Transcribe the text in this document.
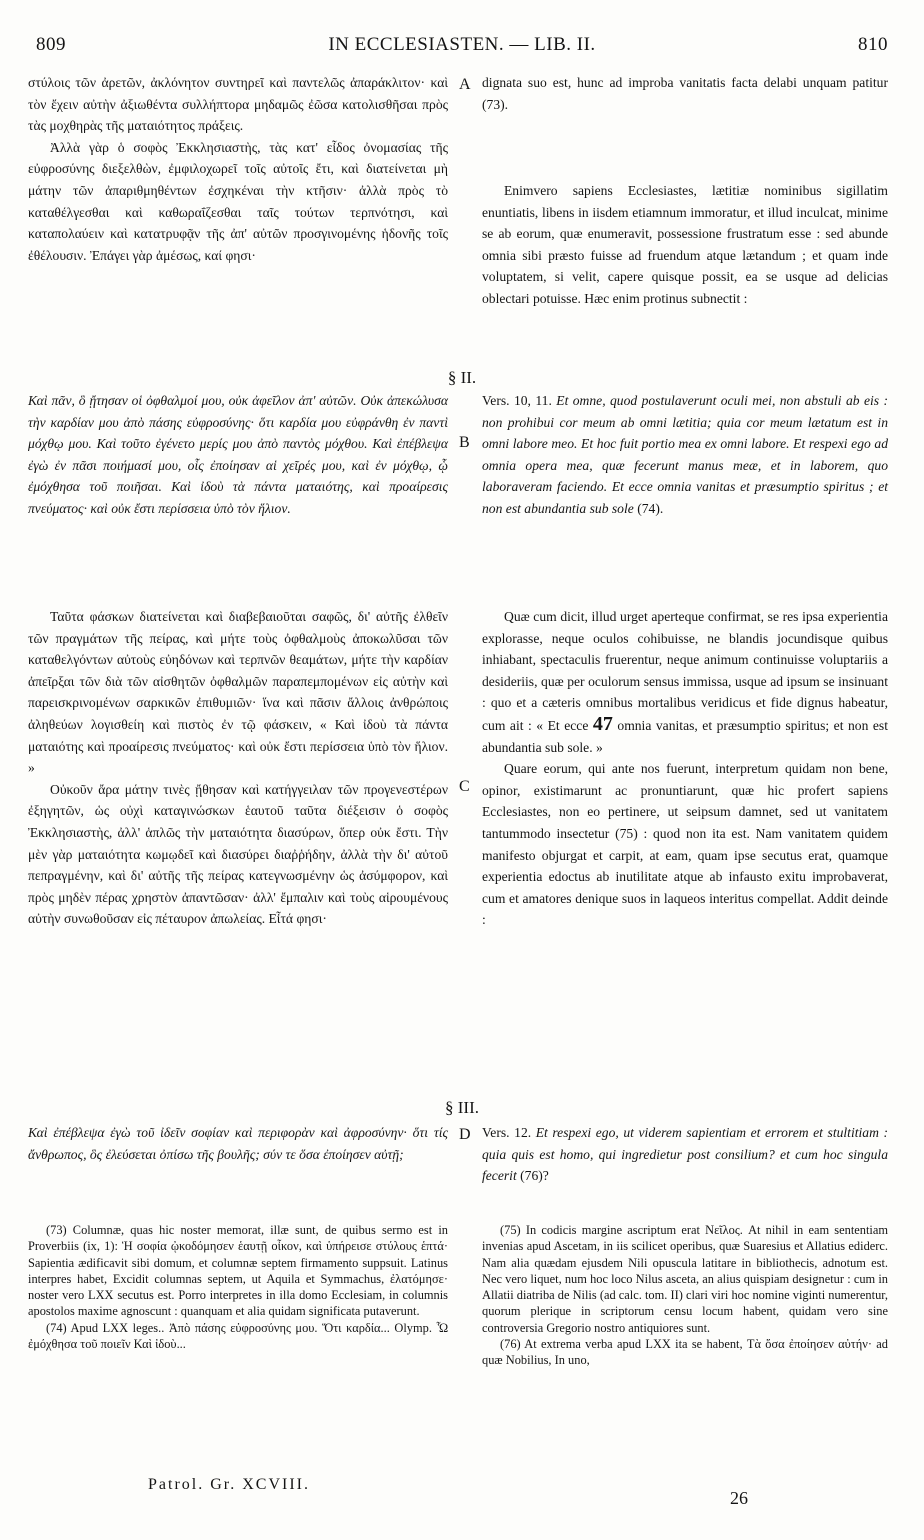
809	IN ECCLESIASTEN. — LIB. II.	810

στύλοις τῶν ἀρετῶν, ἀκλόνητον συντηρεῖ καὶ παντελῶς ἀπαράκλιτον· καὶ τὸν ἔχειν αὐτὴν ἀξιωθέντα συλλήπτορα μηδαμῶς ἐῶσα κατολισθῆσαι πρὸς τὰς μοχθηρὰς τῆς ματαιότητος πράξεις.

Ἀλλὰ γὰρ ὁ σοφὸς Ἐκκλησιαστὴς, τὰς κατ' εἶδος ὀνομασίας τῆς εὐφροσύνης διεξελθὼν, ἐμφιλοχωρεῖ τοῖς αὐτοῖς ἔτι, καὶ διατείνεται μὴ μάτην τῶν ἀπαριθμηθέντων ἐσχηκέναι τὴν κτῆσιν· ἀλλὰ πρὸς τὸ καταθέλγεσθαι καὶ καθωραΐζεσθαι ταῖς τούτων τερπνότησι, καὶ καταπολαύειν καὶ κατατρυφᾷν τῆς ἀπ' αὐτῶν προσγινομένης ἡδονῆς τοῖς ἐθέλουσιν. Ἐπάγει γὰρ ἀμέσως, καί φησι·

dignata suo est, hunc ad improba vanitatis facta delabi unquam patitur (73).

Enimvero sapiens Ecclesiastes, lætitiæ nominibus sigillatim enuntiatis, libens in iisdem etiamnum immoratur, et illud inculcat, minime se ab eorum, quæ enumeravit, possessione frustratum esse : sed abunde omnia sibi præsto fuisse ad fruendum atque lætandum ; et quam inde voluptatem, si velit, capere quisque possit, ea se usque ad delicias oblectari potuisse. Hæc enim protinus subnectit :

A
§ II.

Καὶ πᾶν, ὃ ᾔτησαν οἱ ὀφθαλμοί μου, οὐκ ἀφεῖλον ἀπ' αὐτῶν. Οὐκ ἀπεκώλυσα τὴν καρδίαν μου ἀπὸ πάσης εὐφροσύνης· ὅτι καρδία μου εὐφράνθη ἐν παντὶ μόχθῳ μου. Καὶ τοῦτο ἐγένετο μερίς μου ἀπὸ παντὸς μόχθου. Καὶ ἐπέβλεψα ἐγὼ ἐν πᾶσι ποιήμασί μου, οἷς ἐποίησαν αἱ χεῖρές μου, καὶ ἐν μόχθῳ, ᾧ ἐμόχθησα τοῦ ποιῆσαι. Καὶ ἰδοὺ τὰ πάντα ματαιότης, καὶ προαίρεσις πνεύματος· καὶ οὐκ ἔστι περίσσεια ὑπὸ τὸν ἥλιον.

B

Vers. 10, 11. Et omne, quod postulaverunt oculi mei, non abstuli ab eis : non prohibui cor meum ab omni lætitia; quia cor meum lætatum est in omni labore meo. Et hoc fuit portio mea ex omni labore. Et respexi ego ad omnia opera mea, quæ fecerunt manus meæ, et in laborem, quo laboraveram faciendo. Et ecce omnia vanitas et præsumptio spiritus ; et non est abundantia sub sole (74).

Ταῦτα φάσκων διατείνεται καὶ διαβεβαιοῦται σαφῶς, δι' αὐτῆς ἐλθεῖν τῶν πραγμάτων τῆς πείρας, καὶ μήτε τοὺς ὀφθαλμοὺς ἀποκωλῦσαι τῶν καταθελγόντων αὐτοὺς εὐηδόνων καὶ τερπνῶν θεαμάτων, μήτε τὴν καρδίαν ἀπεῖρξαι τῶν διὰ τῶν αἰσθητῶν ὀφθαλμῶν παραπεμπομένων εἰς αὐτὴν καὶ παρεισκρινομένων σαρκικῶν ἐπιθυμιῶν· ἵνα καὶ πᾶσιν ἄλλοις ἀνθρώποις ἀληθεύων λογισθείη καὶ πιστὸς ἐν τῷ φάσκειν, « Καὶ ἰδοὺ τὰ πάντα ματαιότης καὶ προαίρεσις πνεύματος· καὶ οὐκ ἔστι περίσσεια ὑπὸ τὸν ἥλιον. »

Οὐκοῦν ἄρα μάτην τινὲς ᾔθησαν καὶ κατήγγειλαν τῶν προγενεστέρων ἐξηγητῶν, ὡς οὐχὶ καταγινώσκων ἑαυτοῦ ταῦτα διέξεισιν ὁ σοφὸς Ἐκκλησιαστὴς, ἀλλ' ἁπλῶς τὴν ματαιότητα διασύρων, ὅπερ οὐκ ἔστι. Τὴν μὲν γὰρ ματαιότητα κωμῳδεῖ καὶ διασύρει διαῤῥήδην, ἀλλὰ τὴν δι' αὐτοῦ πεπραγμένην, καὶ δι' αὐτῆς τῆς πείρας κατεγνωσμένην ὡς ἀσύμφορον, καὶ πρὸς μηδὲν πέρας χρηστὸν ἀπαντῶσαν· ἀλλ' ἔμπαλιν καὶ τοὺς αἱρουμένους αὐτὴν συνωθοῦσαν εἰς πέταυρον ἀπωλείας. Εἶτά φησι·

C

Quæ cum dicit, illud urget aperteque confirmat, se res ipsa experientia explorasse, neque oculos cohibuisse, ne blandis jocundisque quibus inhiabant, spectaculis fruerentur, neque animum continuisse voluptariis a desideriis, quæ per oculorum sensus immissa, usque ad ipsum se insinuant : quo et a cæteris omnibus mortalibus veridicus et fide dignus habeatur, cum ait : « Et ecce 47 omnia vanitas, et præsumptio spiritus; et non est abundantia sub sole. »

Quare eorum, qui ante nos fuerunt, interpretum quidam non bene, opinor, existimarunt ac pronuntiarunt, quæ hic profert sapiens Ecclesiastes, non eo pertinere, ut seipsum damnet, sed ut vanitatem tantummodo insectetur (75) : quod non ita est. Nam vanitatem quidem manifesto objurgat et carpit, at eam, quam ipse secutus erat, quamque experientia edoctus ab inutilitate atque ab infausto exitu improbaverat, cum et amatores denique suos in laqueos interitus compellat. Addit deinde :

§ III.

Καὶ ἐπέβλεψα ἐγὼ τοῦ ἰδεῖν σοφίαν καὶ περιφορὰν καὶ ἀφροσύνην· ὅτι τίς ἄνθρωπος, ὃς ἐλεύσεται ὀπίσω τῆς βουλῆς; σύν τε ὅσα ἐποίησεν αὐτῇ;

D Vers. 12. Et respexi ego, ut viderem sapientiam et errorem et stultitiam : quia quis est homo, qui ingredietur post consilium? et cum hoc singula fecerit (76)?

(73) Columnæ, quas hic noster memorat, illæ sunt, de quibus sermo est in Proverbiis (ix, 1): Ἡ σοφία ᾠκοδόμησεν ἑαυτῇ οἶκον, καὶ ὑπήρεισε στύλους ἑπτά· Sapientia ædificavit sibi domum, et columnæ septem firmamento suppsuit. Latinus interpres habet, Excidit columnas septem, ut Aquila et Symmachus, ἐλατόμησε· noster vero LXX secutus est. Porro interpretes in illa domo Ecclesiam, in columnis apostolos maxime agnoscunt : quanquam et alia quidam significata putaverunt.

(74) Apud LXX leges.. Ἀπὸ πάσης εὐφροσύνης μου. Ὅτι καρδία... Olymp. Ὧ ἐμόχθησα τοῦ ποιεῖν Καὶ ἰδοὺ...

(75) In codicis margine ascriptum erat Νεῖλος. At nihil in eam sententiam invenias apud Ascetam, in iis scilicet operibus, quæ Suaresius et Allatius ediderc. Nam alia quædam ejusdem Nili opuscula latitare in bibliothecis, adnotum est. Nec vero liquet, num hoc loco Nilus asceta, an alius quispiam designetur : cum in Allatii diatriba de Nilis (ad calc. tom. II) clari viri hoc nomine viginti numerentur, quorum plerique in scriptorum censu locum habent, quidam vero sine controversia Gregorio nostro antiquiores sunt.

(76) At extrema verba apud LXX ita se habent, Τὰ ὅσα ἐποίησεν αὐτήν· ad quæ Nobilius, In uno,

Patrol. Gr. XCVIII.
26
